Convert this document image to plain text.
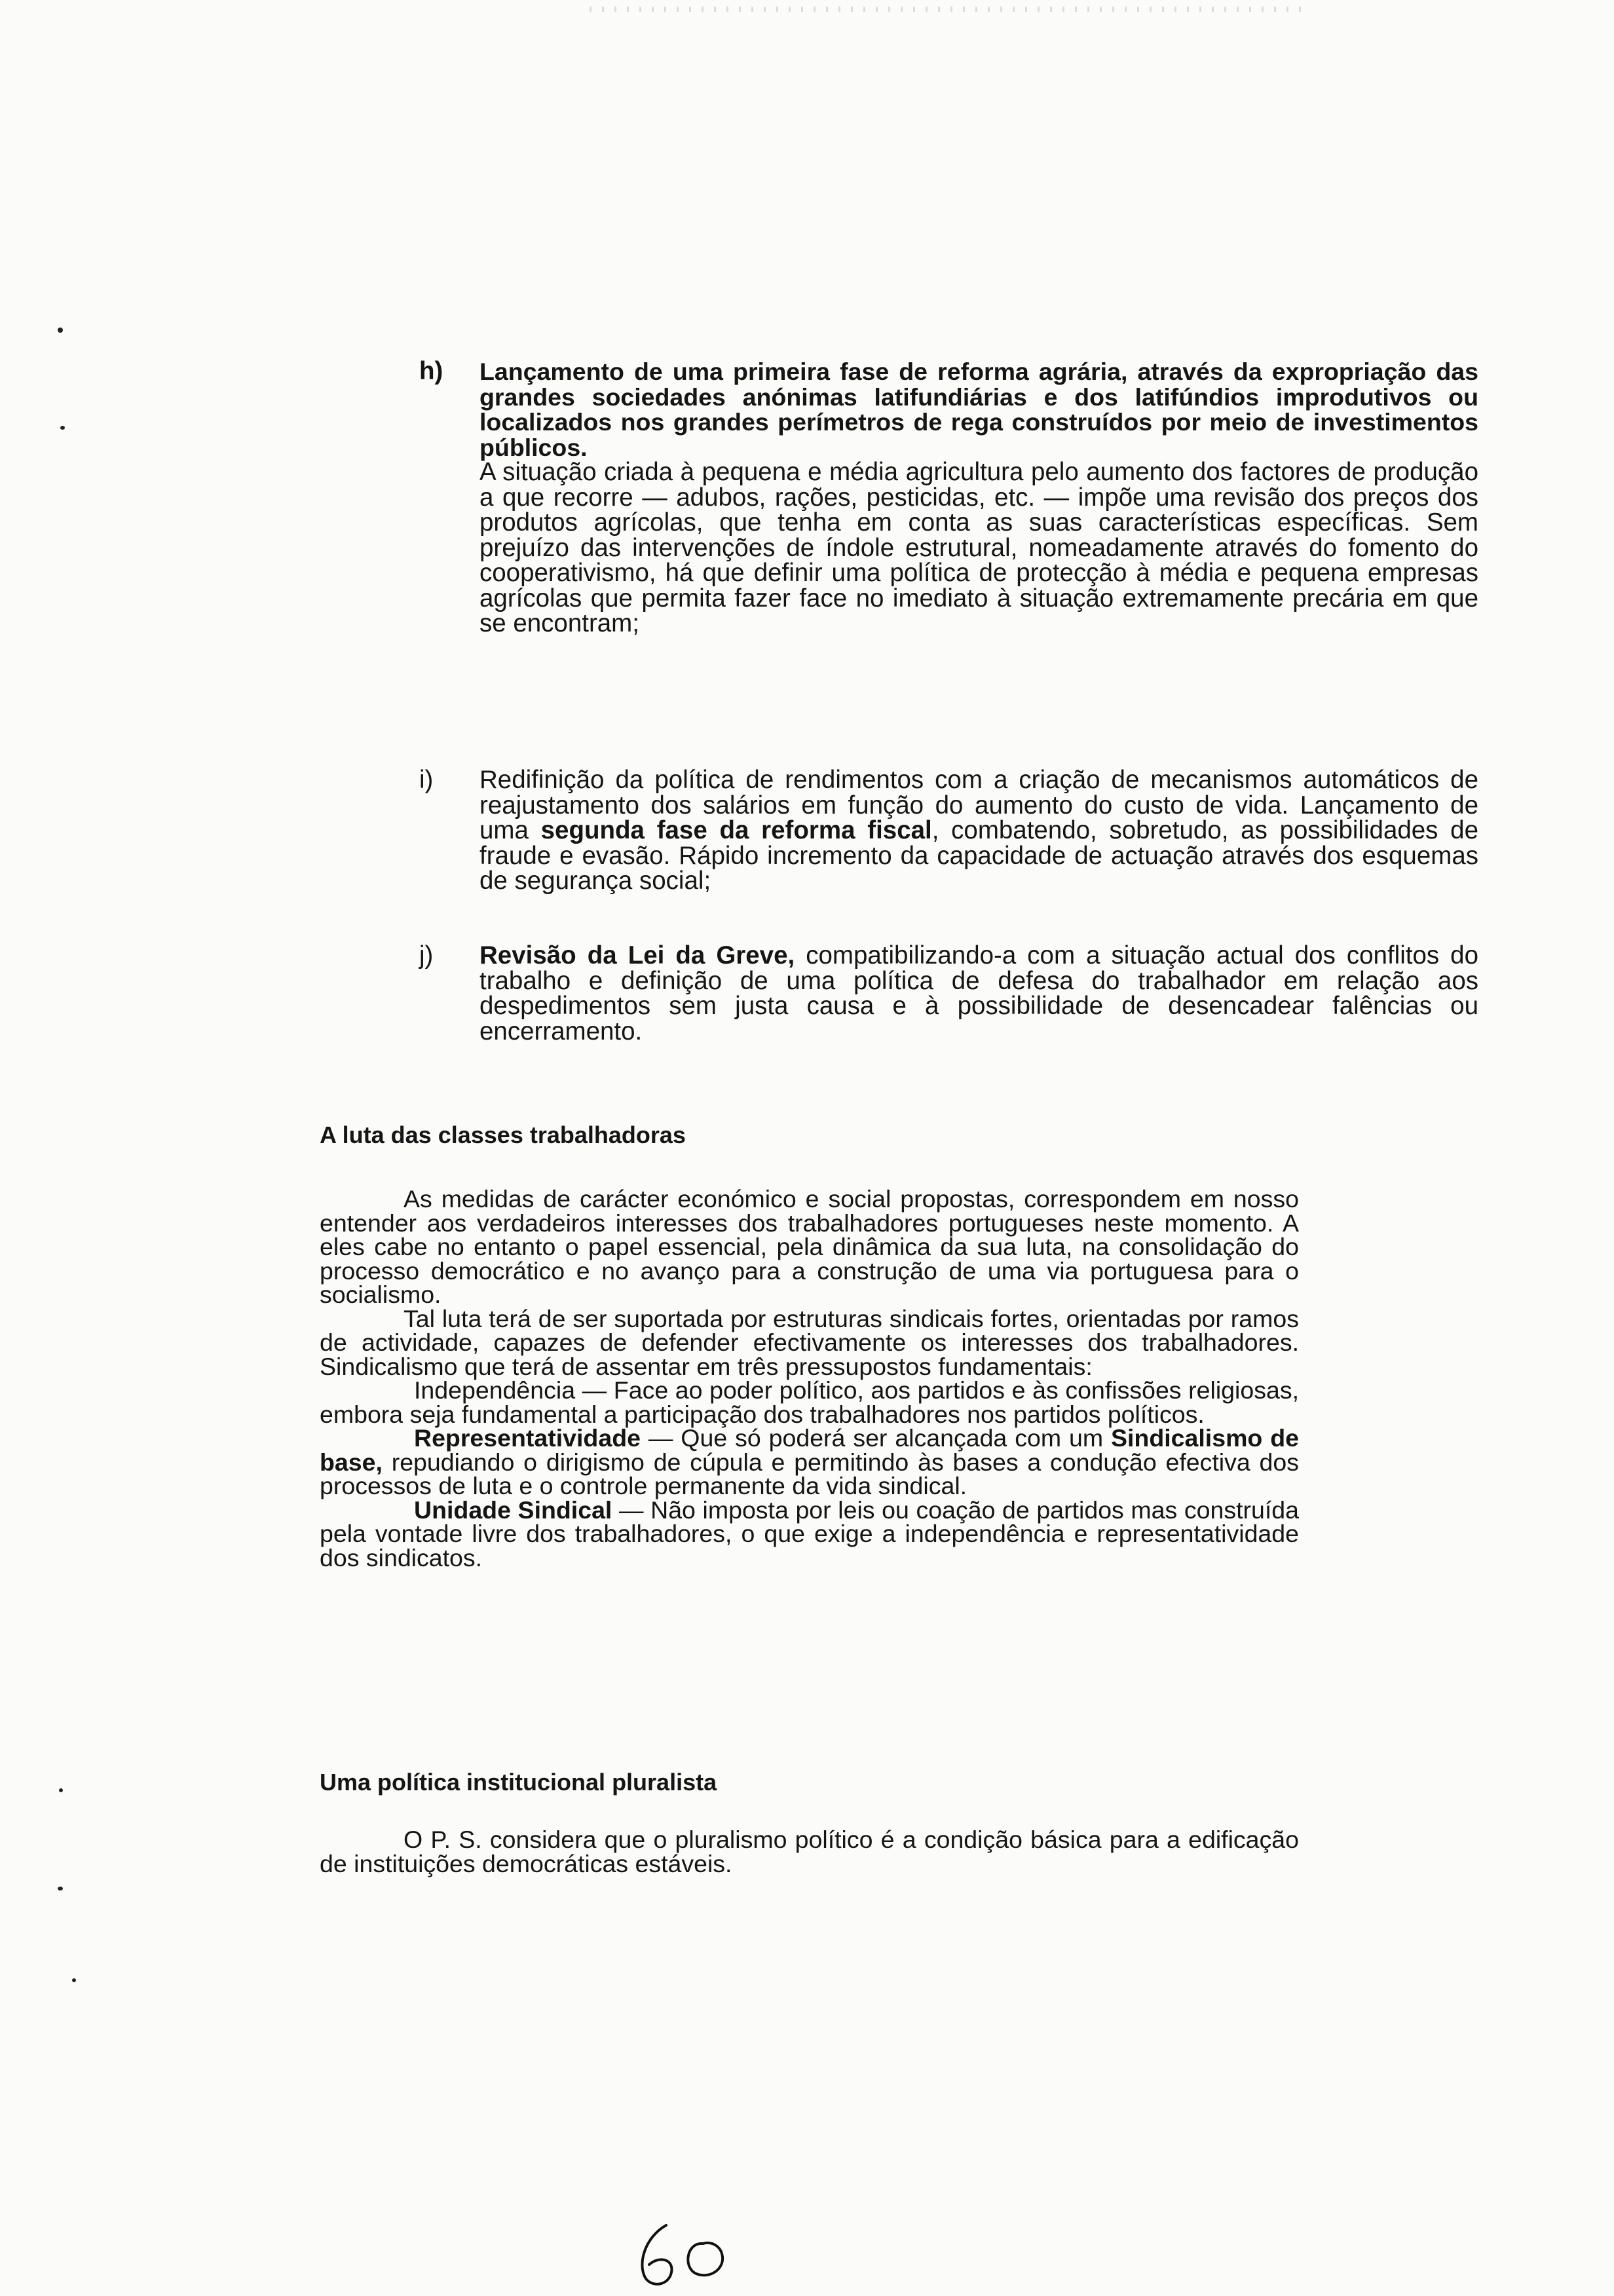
h)	Lançamento de uma primeira fase de reforma agrária, através da expropriação das grandes sociedades anónimas latifundiárias e dos latifúndios improdutivos ou localizados nos grandes perímetros de rega construídos por meio de investimentos públicos.

A situação criada à pequena e média agricultura pelo aumento dos factores de produção a que recorre — adubos, rações, pesticidas, etc. — impõe uma revisão dos preços dos produtos agrícolas, que tenha em conta as suas características específicas. Sem prejuízo das intervenções de índole estrutural, nomeadamente através do fomento do cooperativismo, há que definir uma política de protecção à média e pequena empresas agrícolas que permita fazer face no imediato à situação extremamente precária em que se encontram;

i)	Redifinição da política de rendimentos com a criação de mecanismos automáticos de reajustamento dos salários em função do aumento do custo de vida. Lançamento de uma segunda fase da reforma fiscal, combatendo, sobretudo, as possibilidades de fraude e evasão. Rápido incremento da capacidade de actuação através dos esquemas de segurança social;

j)	Revisão da Lei da Greve, compatibilizando-a com a situação actual dos conflitos do trabalho e definição de uma política de defesa do trabalhador em relação aos despedimentos sem justa causa e à possibilidade de desencadear falências ou encerramento.

A luta das classes trabalhadoras

As medidas de carácter económico e social propostas, correspondem em nosso entender aos verdadeiros interesses dos trabalhadores portugueses neste momento. A eles cabe no entanto o papel essencial, pela dinâmica da sua luta, na consolidação do processo democrático e no avanço para a construção de uma via portuguesa para o socialismo.

Tal luta terá de ser suportada por estruturas sindicais fortes, orientadas por ramos de actividade, capazes de defender efectivamente os interesses dos trabalhadores. Sindicalismo que terá de assentar em três pressupostos fundamentais:

Independência — Face ao poder político, aos partidos e às confissões religiosas, embora seja fundamental a participação dos trabalhadores nos partidos políticos.

Representatividade — Que só poderá ser alcançada com um Sindicalismo de base, repudiando o dirigismo de cúpula e permitindo às bases a condução efectiva dos processos de luta e o controle permanente da vida sindical.

Unidade Sindical — Não imposta por leis ou coação de partidos mas construída pela vontade livre dos trabalhadores, o que exige a independência e representatividade dos sindicatos.

Uma política institucional pluralista

O P. S. considera que o pluralismo político é a condição básica para a edificação de instituições democráticas estáveis.
